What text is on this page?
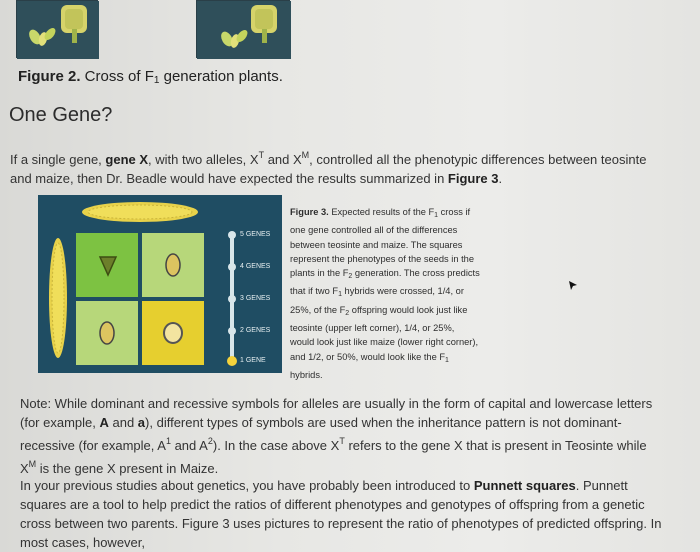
Figure 2. Cross of $F_1$ generation plants.
One Gene?
If a single gene, gene X, with two alleles, $X^T$ and $X^M$, controlled all the phenotypic differences between teosinte and maize, then Dr. Beadle would have expected the results summarized in Figure 3.
5 GENES
4 GENES
3 GENES
2 GENES
1 GENE
Figure 3. Expected results of the $F_1$ cross if one gene controlled all of the differences between teosinte and maize. The squares represent the phenotypes of the seeds in the plants in the $F_2$ generation. The cross predicts that if two $F_1$ hybrids were crossed, 1/4, or 25%, of the $F_2$ offspring would look just like teosinte (upper left corner), 1/4, or 25%, would look just like maize (lower right corner), and 1/2, or 50%, would look like the $F_1$ hybrids.
Note: While dominant and recessive symbols for alleles are usually in the form of capital and lowercase letters (for example, A and a), different types of symbols are used when the inheritance pattern is not dominant-recessive (for example, $A^1$ and $A^2$). In the case above $X^T$ refers to the gene X that is present in Teosinte while $X^M$ is the gene X present in Maize.
In your previous studies about genetics, you have probably been introduced to Punnett squares. Punnett squares are a tool to help predict the ratios of different phenotypes and genotypes of offspring from a genetic cross between two parents. Figure 3 uses pictures to represent the ratio of phenotypes of predicted offspring. In most cases, however,
